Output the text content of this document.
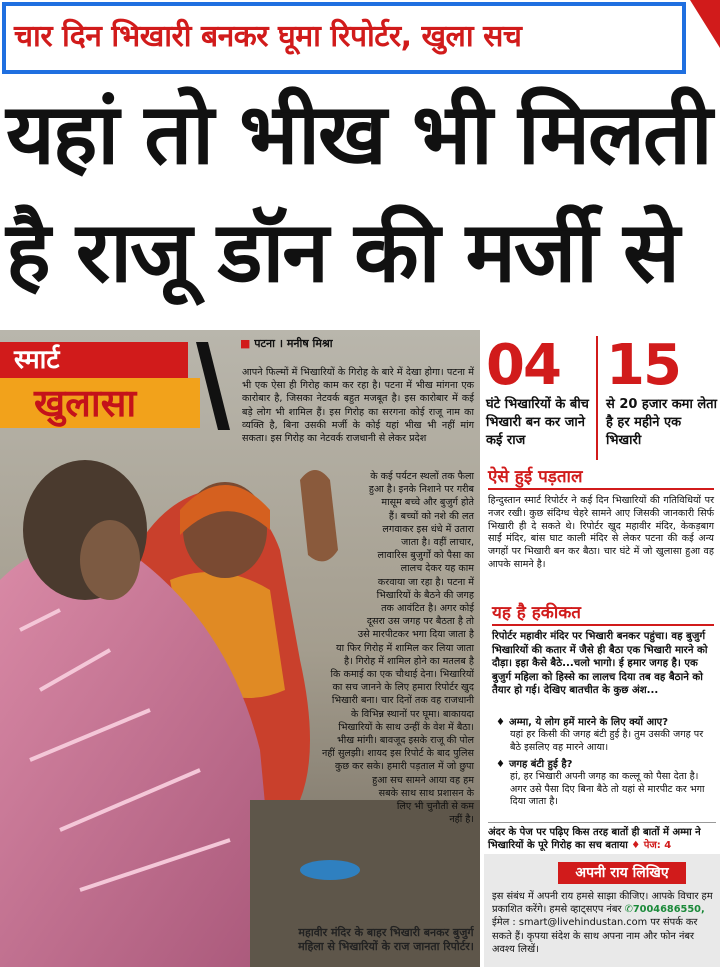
चार दिन भिखारी बनकर घूमा रिपोर्टर, खुला सच
यहां तो भीख भी मिलती
है राजू डॉन की मर्जी से
स्मार्ट
खुलासा
■ पटना । मनीष मिश्रा
आपने फिल्मों में भिखारियों के गिरोह के बारे में देखा होगा। पटना में भी एक ऐसा ही गिरोह काम कर रहा है। पटना में भीख मांगना एक कारोबार है, जिसका नेटवर्क बहुत मजबूत है। इस कारोबार में कई बड़े लोग भी शामिल हैं। इस गिरोह का सरगना कोई राजू नाम का व्यक्ति है, बिना उसकी मर्जी के कोई यहां भीख भी नहीं मांग सकता। इस गिरोह का नेटवर्क राजधानी से लेकर प्रदेश
के कई पर्यटन स्थलों तक फैला
हुआ है। इनके निशाने पर गरीब
मासूम बच्चे और बुजुर्ग होते
हैं। बच्चों को नशे की लत
लगवाकर इस धंधे में उतारा
जाता है। वहीं लाचार,
लावारिस बुजुर्गों को पैसा का
लालच देकर यह काम
करवाया जा रहा है। पटना में
भिखारियों के बैठने की जगह
तक आवंटित है। अगर कोई
दूसरा उस जगह पर बैठता है तो
उसे मारपीटकर भगा दिया जाता है
या फिर गिरोह में शामिल कर लिया जाता
है। गिरोह में शामिल होने का मतलब है
कि कमाई का एक चौथाई देना। भिखारियों
का सच जानने के लिए हमारा रिपोर्टर खुद
भिखारी बना। चार दिनों तक वह राजधानी
के विभिन्न स्थानों पर घूमा। बाकायदा
भिखारियों के साथ उन्हीं के वेश में बैठा।
भीख मांगी। बावजूद इसके राजू की पोल
नहीं सुलझी। शायद इस रिपोर्ट के बाद पुलिस
कुछ कर सके। हमारी पड़ताल में जो छुपा
हुआ सच सामने आया वह हम
सबके साथ साथ प्रशासन के
लिए भी चुनौती से कम
नहीं है।
महावीर मंदिर के बाहर भिखारी बनकर बुजुर्ग महिला से भिखारियों के राज जानता रिपोर्टर।
04
घंटे भिखारियों के बीच भिखारी बन कर जाने कई राज
15
से 20 हजार कमा लेता है हर महीने एक भिखारी
ऐसे हुई पड़ताल
हिन्दुस्तान स्मार्ट रिपोर्टर ने कई दिन भिखारियों की गतिविधियों पर नजर रखी। कुछ संदिग्ध चेहरे सामने आए जिसकी जानकारी सिर्फ भिखारी ही दे सकते थे। रिपोर्टर खुद महावीर मंदिर, केकड़बाग साईं मंदिर, बांस घाट काली मंदिर से लेकर पटना की कई अन्य जगहों पर भिखारी बन कर बैठा। चार घंटे में जो खुलासा हुआ वह आपके सामने है।
यह है हकीकत
रिपोर्टर महावीर मंदिर पर भिखारी बनकर पहुंचा। वह बुजुर्ग भिखारियों की कतार में जैसे ही बैठा एक भिखारी मारने को दौड़ा। इहा कैसे बैठे...चलो भागो। ई हमार जगह है। एक बुजुर्ग महिला को हिस्से का लालच दिया तब वह बैठाने को तैयार हो गई। देखिए बातचीत के कुछ अंश...
♦ अम्मा, ये लोग हमें मारने के लिए क्यों आए?
यहां हर किसी की जगह बंटी हुई है। तुम उसकी जगह पर बैठे इसलिए वह मारने आया।
♦ जगह बंटी हुई है?
हां, हर भिखारी अपनी जगह का कल्लू को पैसा देता है। अगर उसे पैसा दिए बिना बैठे तो यहां से मारपीट कर भगा दिया जाता है।
अंदर के पेज पर पढ़िए किस तरह बातों ही बातों में अम्मा ने भिखारियों के पूरे गिरोह का सच बताया ♦ पेज: 4
अपनी राय लिखिए
इस संबंध में अपनी राय हमसे साझा कीजिए। आपके विचार हम प्रकाशित करेंगे। हमसे व्हाट्सएप नंबर ✆7004686550, ईमेल : smart@livehindustan.com पर संपर्क कर सकते हैं। कृपया संदेश के साथ अपना नाम और फोन नंबर अवश्य लिखें।
